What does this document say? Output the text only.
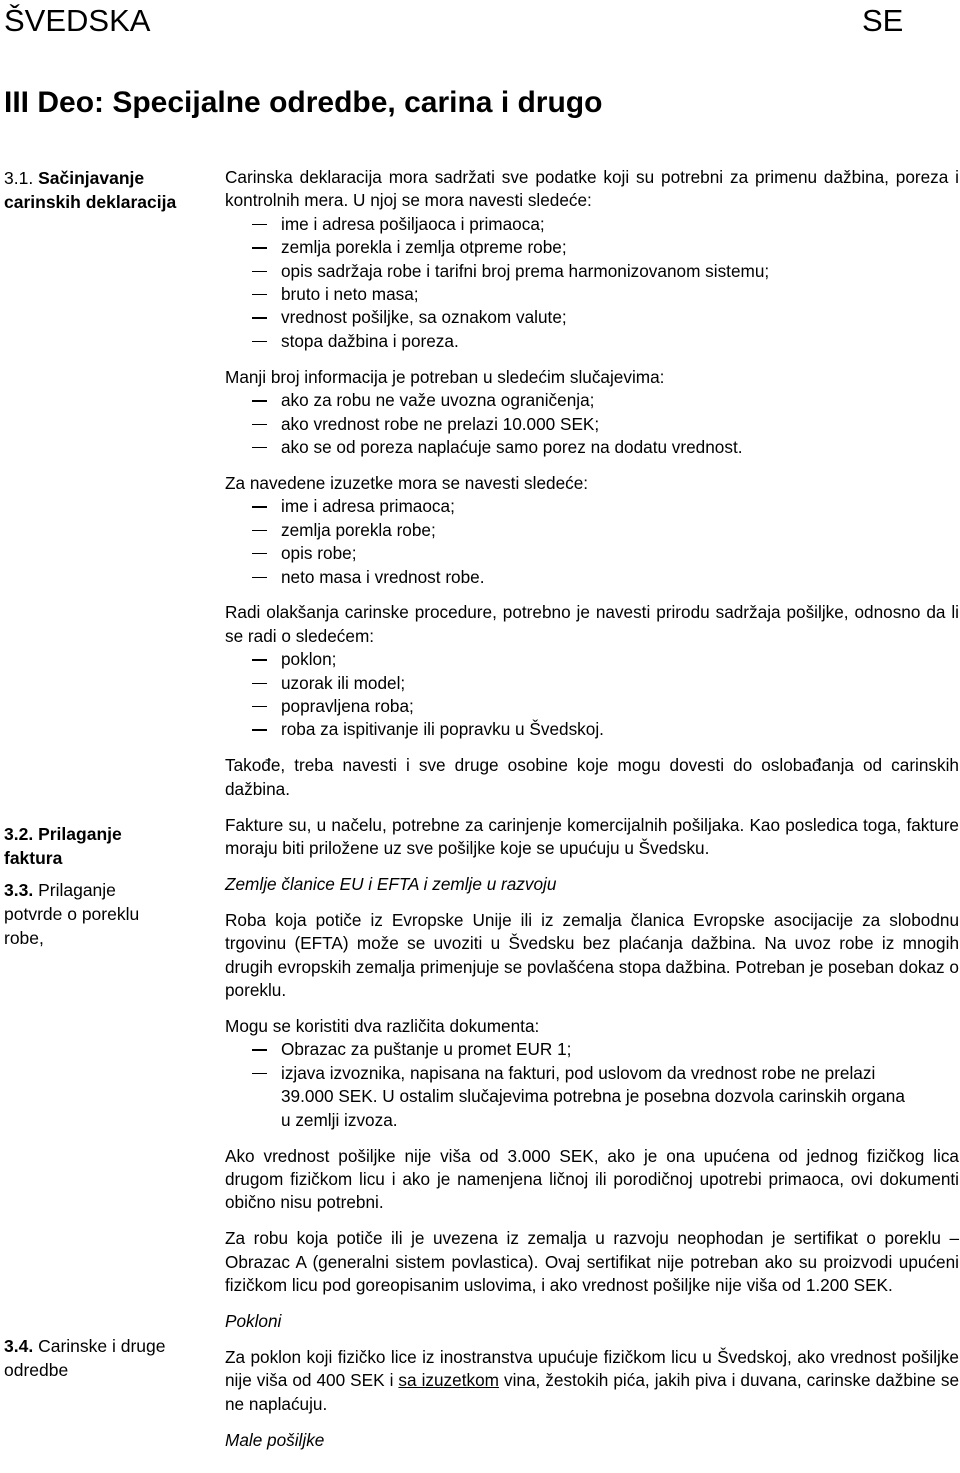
ŠVEDSKA	SE
III Deo: Specijalne odredbe, carina i drugo
3.1. Sačinjavanje
carinskih deklaracija
3.2. Prilaganje
faktura
3.3. Prilaganje
potvrde o poreklu robe,
3.4. Carinske i druge
odredbe

Carinska deklaracija mora sadržati sve podatke koji su potrebni za primenu dažbina, poreza i kontrolnih mera. U njoj se mora navesti sledeće:

ime i adresa pošiljaoca i primaoca;
zemlja porekla i zemlja otpreme robe;
opis sadržaja robe i tarifni broj prema harmonizovanom sistemu;
bruto i neto masa;
vrednost pošiljke, sa oznakom valute;
stopa dažbina i poreza.

Manji broj informacija je potreban u sledećim slučajevima:

ako za robu ne važe uvozna ograničenja;
ako vrednost robe ne prelazi 10.000 SEK;
ako se od poreza naplaćuje samo porez na dodatu vrednost.

Za navedene izuzetke mora se navesti sledeće:

ime i adresa primaoca;
zemlja porekla robe;
opis robe;
neto masa i vrednost robe.

Radi olakšanja carinske procedure, potrebno je navesti prirodu sadržaja pošiljke, odnosno da li se radi o sledećem:

poklon;
uzorak ili model;
popravljena roba;
roba za ispitivanje ili popravku u Švedskoj.

Takođe, treba navesti i sve druge osobine koje mogu dovesti do oslobađanja od carinskih dažbina.

Fakture su, u načelu, potrebne za carinjenje komercijalnih pošiljaka. Kao posledica toga, fakture moraju biti priložene uz sve pošiljke koje se upućuju u Švedsku.

Zemlje članice EU i EFTA i zemlje u razvoju

Roba koja potiče iz Evropske Unije ili iz zemalja članica Evropske asocijacije za slobodnu trgovinu (EFTA) može se uvoziti u Švedsku bez plaćanja dažbina. Na uvoz robe iz mnogih drugih evropskih zemalja primenjuje se povlašćena stopa dažbina. Potreban je poseban dokaz o poreklu.

Mogu se koristiti dva različita dokumenta:

Obrazac za puštanje u promet EUR 1;
izjava izvoznika, napisana na fakturi, pod uslovom da vrednost robe ne prelazi 39.000 SEK. U ostalim slučajevima potrebna je posebna dozvola carinskih organa u zemlji izvoza.

Ako vrednost pošiljke nije viša od 3.000 SEK, ako je ona upućena od jednog fizičkog lica drugom fizičkom licu i ako je namenjena ličnoj ili porodičnoj upotrebi primaoca, ovi dokumenti obično nisu potrebni.

Za robu koja potiče ili je uvezena iz zemalja u razvoju neophodan je sertifikat o poreklu – Obrazac A (generalni sistem povlastica). Ovaj sertifikat nije potreban ako su proizvodi upućeni fizičkom licu pod goreopisanim uslovima, i ako vrednost pošiljke nije viša od 1.200 SEK.

Pokloni

Za poklon koji fizičko lice iz inostranstva upućuje fizičkom licu u Švedskoj, ako vrednost pošiljke nije viša od 400 SEK i sa izuzetkom vina, žestokih pića, jakih piva i duvana, carinske dažbine se ne naplaćuju.

Male pošiljke
